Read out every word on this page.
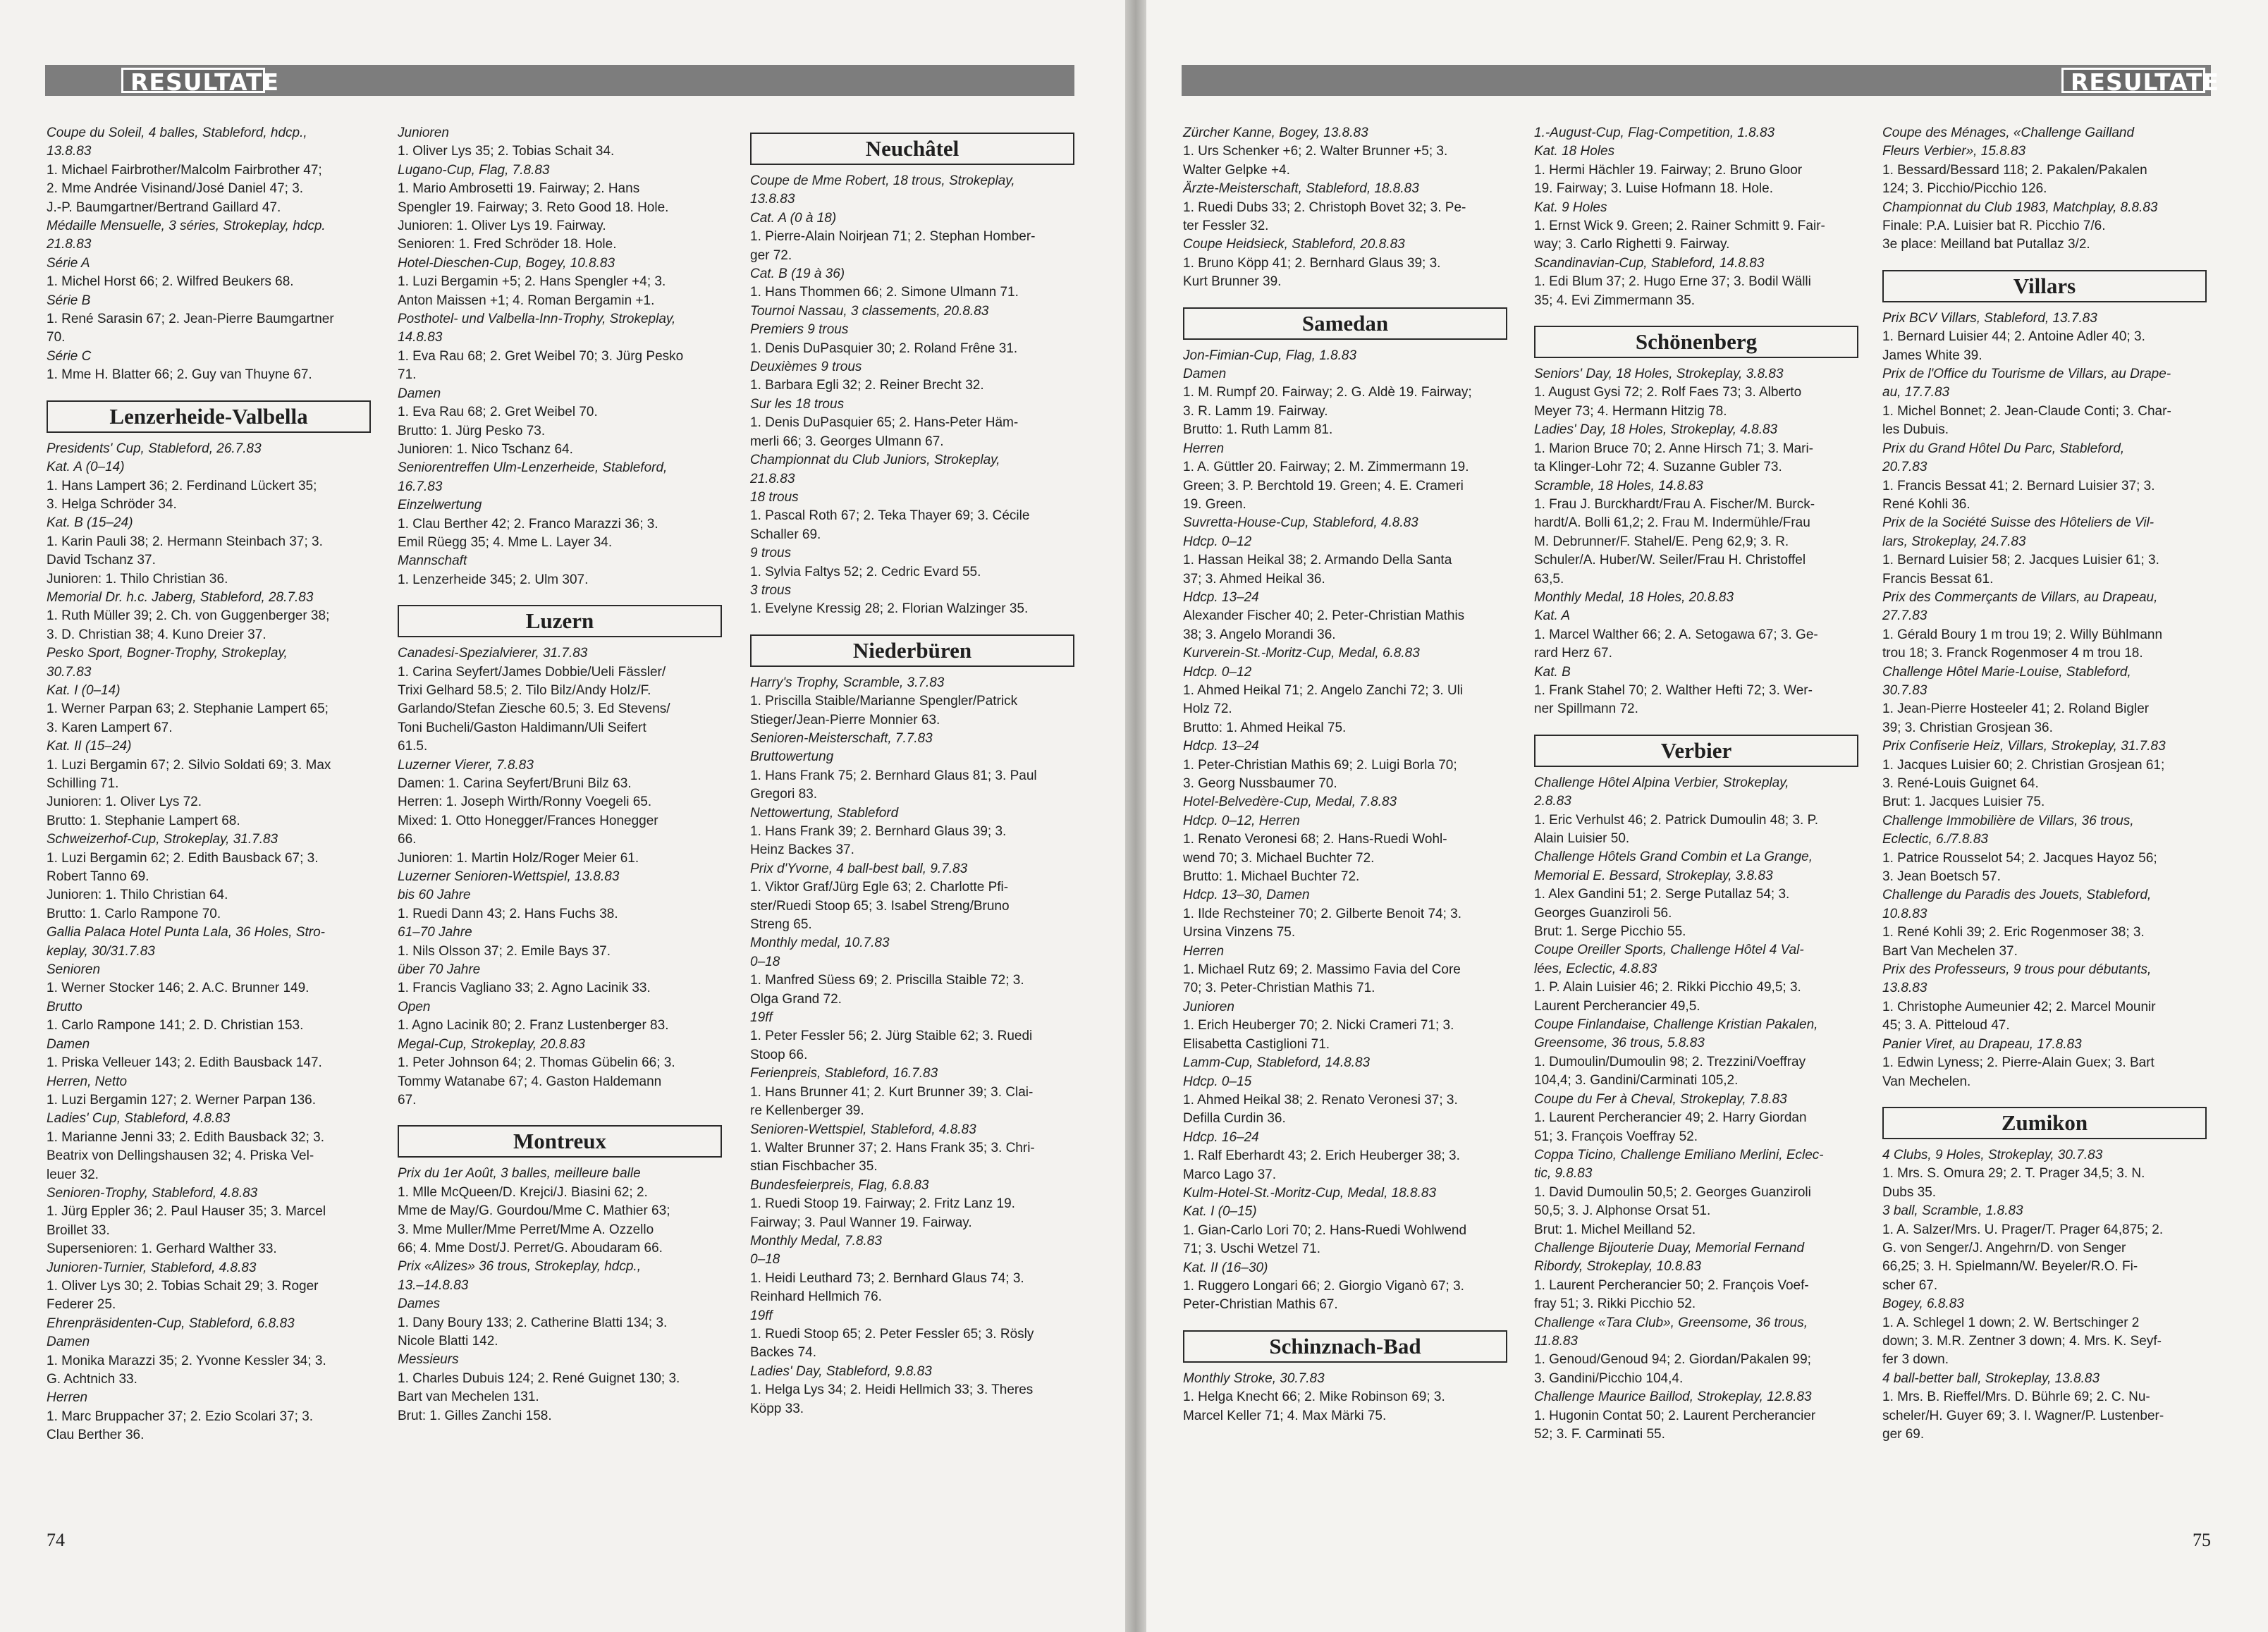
RESULTATE

Coupe du Soleil, 4 balles, Stableford, hdcp.,

13.8.83

1. Michael Fairbrother/Malcolm Fairbrother 47;

2. Mme Andrée Visinand/José Daniel 47; 3.

J.-P. Baumgartner/Bertrand Gaillard 47.

Médaille Mensuelle, 3 séries, Strokeplay, hdcp.

21.8.83

Série A

1. Michel Horst 66; 2. Wilfred Beukers 68.

Série B

1. René Sarasin 67; 2. Jean-Pierre Baumgartner

70.

Série C

1. Mme H. Blatter 66; 2. Guy van Thuyne 67.

Lenzerheide-Valbella

Presidents' Cup, Stableford, 26.7.83

Kat. A (0–14)

1. Hans Lampert 36; 2. Ferdinand Lückert 35;

3. Helga Schröder 34.

Kat. B (15–24)

1. Karin Pauli 38; 2. Hermann Steinbach 37; 3.

David Tschanz 37.

Junioren: 1. Thilo Christian 36.

Memorial Dr. h.c. Jaberg, Stableford, 28.7.83

1. Ruth Müller 39; 2. Ch. von Guggenberger 38;

3. D. Christian 38; 4. Kuno Dreier 37.

Pesko Sport, Bogner-Trophy, Strokeplay,

30.7.83

Kat. I (0–14)

1. Werner Parpan 63; 2. Stephanie Lampert 65;

3. Karen Lampert 67.

Kat. II (15–24)

1. Luzi Bergamin 67; 2. Silvio Soldati 69; 3. Max

Schilling 71.

Junioren: 1. Oliver Lys 72.

Brutto: 1. Stephanie Lampert 68.

Schweizerhof-Cup, Strokeplay, 31.7.83

1. Luzi Bergamin 62; 2. Edith Bausback 67; 3.

Robert Tanno 69.

Junioren: 1. Thilo Christian 64.

Brutto: 1. Carlo Rampone 70.

Gallia Palaca Hotel Punta Lala, 36 Holes, Stro-

keplay, 30/31.7.83

Senioren

1. Werner Stocker 146; 2. A.C. Brunner 149.

Brutto

1. Carlo Rampone 141; 2. D. Christian 153.

Damen

1. Priska Velleuer 143; 2. Edith Bausback 147.

Herren, Netto

1. Luzi Bergamin 127; 2. Werner Parpan 136.

Ladies' Cup, Stableford, 4.8.83

1. Marianne Jenni 33; 2. Edith Bausback 32; 3.

Beatrix von Dellingshausen 32; 4. Priska Vel-

leuer 32.

Senioren-Trophy, Stableford, 4.8.83

1. Jürg Eppler 36; 2. Paul Hauser 35; 3. Marcel

Broillet 33.

Supersenioren: 1. Gerhard Walther 33.

Junioren-Turnier, Stableford, 4.8.83

1. Oliver Lys 30; 2. Tobias Schait 29; 3. Roger

Federer 25.

Ehrenpräsidenten-Cup, Stableford, 6.8.83

Damen

1. Monika Marazzi 35; 2. Yvonne Kessler 34; 3.

G. Achtnich 33.

Herren

1. Marc Bruppacher 37; 2. Ezio Scolari 37; 3.

Clau Berther 36.

Junioren

1. Oliver Lys 35; 2. Tobias Schait 34.

Lugano-Cup, Flag, 7.8.83

1. Mario Ambrosetti 19. Fairway; 2. Hans

Spengler 19. Fairway; 3. Reto Good 18. Hole.

Junioren: 1. Oliver Lys 19. Fairway.

Senioren: 1. Fred Schröder 18. Hole.

Hotel-Dieschen-Cup, Bogey, 10.8.83

1. Luzi Bergamin +5; 2. Hans Spengler +4; 3.

Anton Maissen +1; 4. Roman Bergamin +1.

Posthotel- und Valbella-Inn-Trophy, Strokeplay,

14.8.83

1. Eva Rau 68; 2. Gret Weibel 70; 3. Jürg Pesko

71.

Damen

1. Eva Rau 68; 2. Gret Weibel 70.

Brutto: 1. Jürg Pesko 73.

Junioren: 1. Nico Tschanz 64.

Seniorentreffen Ulm-Lenzerheide, Stableford,

16.7.83

Einzelwertung

1. Clau Berther 42; 2. Franco Marazzi 36; 3.

Emil Rüegg 35; 4. Mme L. Layer 34.

Mannschaft

1. Lenzerheide 345; 2. Ulm 307.

Luzern

Canadesi-Spezialvierer, 31.7.83

1. Carina Seyfert/James Dobbie/Ueli Fässler/

Trixi Gelhard 58.5; 2. Tilo Bilz/Andy Holz/F.

Garlando/Stefan Ziesche 60.5; 3. Ed Stevens/

Toni Bucheli/Gaston Haldimann/Uli Seifert

61.5.

Luzerner Vierer, 7.8.83

Damen: 1. Carina Seyfert/Bruni Bilz 63.

Herren: 1. Joseph Wirth/Ronny Voegeli 65.

Mixed: 1. Otto Honegger/Frances Honegger

66.

Junioren: 1. Martin Holz/Roger Meier 61.

Luzerner Senioren-Wettspiel, 13.8.83

bis 60 Jahre

1. Ruedi Dann 43; 2. Hans Fuchs 38.

61–70 Jahre

1. Nils Olsson 37; 2. Emile Bays 37.

über 70 Jahre

1. Francis Vagliano 33; 2. Agno Lacinik 33.

Open

1. Agno Lacinik 80; 2. Franz Lustenberger 83.

Megal-Cup, Strokeplay, 20.8.83

1. Peter Johnson 64; 2. Thomas Gübelin 66; 3.

Tommy Watanabe 67; 4. Gaston Haldemann

67.

Montreux

Prix du 1er Août, 3 balles, meilleure balle

1. Mlle McQueen/D. Krejci/J. Biasini 62; 2.

Mme de May/G. Gourdou/Mme C. Mathier 63;

3. Mme Muller/Mme Perret/Mme A. Ozzello

66; 4. Mme Dost/J. Perret/G. Aboudaram 66.

Prix «Alizes» 36 trous, Strokeplay, hdcp.,

13.–14.8.83

Dames

1. Dany Boury 133; 2. Catherine Blatti 134; 3.

Nicole Blatti 142.

Messieurs

1. Charles Dubuis 124; 2. René Guignet 130; 3.

Bart van Mechelen 131.

Brut: 1. Gilles Zanchi 158.

Neuchâtel

Coupe de Mme Robert, 18 trous, Strokeplay,

13.8.83

Cat. A (0 à 18)

1. Pierre-Alain Noirjean 71; 2. Stephan Homber-

ger 72.

Cat. B (19 à 36)

1. Hans Thommen 66; 2. Simone Ulmann 71.

Tournoi Nassau, 3 classements, 20.8.83

Premiers 9 trous

1. Denis DuPasquier 30; 2. Roland Frêne 31.

Deuxièmes 9 trous

1. Barbara Egli 32; 2. Reiner Brecht 32.

Sur les 18 trous

1. Denis DuPasquier 65; 2. Hans-Peter Häm-

merli 66; 3. Georges Ulmann 67.

Championnat du Club Juniors, Strokeplay,

21.8.83

18 trous

1. Pascal Roth 67; 2. Teka Thayer 69; 3. Cécile

Schaller 69.

9 trous

1. Sylvia Faltys 52; 2. Cedric Evard 55.

3 trous

1. Evelyne Kressig 28; 2. Florian Walzinger 35.

Niederbüren

Harry's Trophy, Scramble, 3.7.83

1. Priscilla Staible/Marianne Spengler/Patrick

Stieger/Jean-Pierre Monnier 63.

Senioren-Meisterschaft, 7.7.83

Bruttowertung

1. Hans Frank 75; 2. Bernhard Glaus 81; 3. Paul

Gregori 83.

Nettowertung, Stableford

1. Hans Frank 39; 2. Bernhard Glaus 39; 3.

Heinz Backes 37.

Prix d'Yvorne, 4 ball-best ball, 9.7.83

1. Viktor Graf/Jürg Egle 63; 2. Charlotte Pfi-

ster/Ruedi Stoop 65; 3. Isabel Streng/Bruno

Streng 65.

Monthly medal, 10.7.83

0–18

1. Manfred Süess 69; 2. Priscilla Staible 72; 3.

Olga Grand 72.

19ff

1. Peter Fessler 56; 2. Jürg Staible 62; 3. Ruedi

Stoop 66.

Ferienpreis, Stableford, 16.7.83

1. Hans Brunner 41; 2. Kurt Brunner 39; 3. Clai-

re Kellenberger 39.

Senioren-Wettspiel, Stableford, 4.8.83

1. Walter Brunner 37; 2. Hans Frank 35; 3. Chri-

stian Fischbacher 35.

Bundesfeierpreis, Flag, 6.8.83

1. Ruedi Stoop 19. Fairway; 2. Fritz Lanz 19.

Fairway; 3. Paul Wanner 19. Fairway.

Monthly Medal, 7.8.83

0–18

1. Heidi Leuthard 73; 2. Bernhard Glaus 74; 3.

Reinhard Hellmich 76.

19ff

1. Ruedi Stoop 65; 2. Peter Fessler 65; 3. Rösly

Backes 74.

Ladies' Day, Stableford, 9.8.83

1. Helga Lys 34; 2. Heidi Hellmich 33; 3. Theres

Köpp 33.

74
RESULTATE

Zürcher Kanne, Bogey, 13.8.83

1. Urs Schenker +6; 2. Walter Brunner +5; 3.

Walter Gelpke +4.

Ärzte-Meisterschaft, Stableford, 18.8.83

1. Ruedi Dubs 33; 2. Christoph Bovet 32; 3. Pe-

ter Fessler 32.

Coupe Heidsieck, Stableford, 20.8.83

1. Bruno Köpp 41; 2. Bernhard Glaus 39; 3.

Kurt Brunner 39.

Samedan

Jon-Fimian-Cup, Flag, 1.8.83

Damen

1. M. Rumpf 20. Fairway; 2. G. Aldè 19. Fairway;

3. R. Lamm 19. Fairway.

Brutto: 1. Ruth Lamm 81.

Herren

1. A. Güttler 20. Fairway; 2. M. Zimmermann 19.

Green; 3. P. Berchtold 19. Green; 4. E. Crameri

19. Green.

Suvretta-House-Cup, Stableford, 4.8.83

Hdcp. 0–12

1. Hassan Heikal 38; 2. Armando Della Santa

37; 3. Ahmed Heikal 36.

Hdcp. 13–24

Alexander Fischer 40; 2. Peter-Christian Mathis

38; 3. Angelo Morandi 36.

Kurverein-St.-Moritz-Cup, Medal, 6.8.83

Hdcp. 0–12

1. Ahmed Heikal 71; 2. Angelo Zanchi 72; 3. Uli

Holz 72.

Brutto: 1. Ahmed Heikal 75.

Hdcp. 13–24

1. Peter-Christian Mathis 69; 2. Luigi Borla 70;

3. Georg Nussbaumer 70.

Hotel-Belvedère-Cup, Medal, 7.8.83

Hdcp. 0–12, Herren

1. Renato Veronesi 68; 2. Hans-Ruedi Wohl-

wend 70; 3. Michael Buchter 72.

Brutto: 1. Michael Buchter 72.

Hdcp. 13–30, Damen

1. Ilde Rechsteiner 70; 2. Gilberte Benoit 74; 3.

Ursina Vinzens 75.

Herren

1. Michael Rutz 69; 2. Massimo Favia del Core

70; 3. Peter-Christian Mathis 71.

Junioren

1. Erich Heuberger 70; 2. Nicki Crameri 71; 3.

Elisabetta Castiglioni 71.

Lamm-Cup, Stableford, 14.8.83

Hdcp. 0–15

1. Ahmed Heikal 38; 2. Renato Veronesi 37; 3.

Defilla Curdin 36.

Hdcp. 16–24

1. Ralf Eberhardt 43; 2. Erich Heuberger 38; 3.

Marco Lago 37.

Kulm-Hotel-St.-Moritz-Cup, Medal, 18.8.83

Kat. I (0–15)

1. Gian-Carlo Lori 70; 2. Hans-Ruedi Wohlwend

71; 3. Uschi Wetzel 71.

Kat. II (16–30)

1. Ruggero Longari 66; 2. Giorgio Viganò 67; 3.

Peter-Christian Mathis 67.

Schinznach-Bad

Monthly Stroke, 30.7.83

1. Helga Knecht 66; 2. Mike Robinson 69; 3.

Marcel Keller 71; 4. Max Märki 75.

1.-August-Cup, Flag-Competition, 1.8.83

Kat. 18 Holes

1. Hermi Hächler 19. Fairway; 2. Bruno Gloor

19. Fairway; 3. Luise Hofmann 18. Hole.

Kat. 9 Holes

1. Ernst Wick 9. Green; 2. Rainer Schmitt 9. Fair-

way; 3. Carlo Righetti 9. Fairway.

Scandinavian-Cup, Stableford, 14.8.83

1. Edi Blum 37; 2. Hugo Erne 37; 3. Bodil Wälli

35; 4. Evi Zimmermann 35.

Schönenberg

Seniors' Day, 18 Holes, Strokeplay, 3.8.83

1. August Gysi 72; 2. Rolf Faes 73; 3. Alberto

Meyer 73; 4. Hermann Hitzig 78.

Ladies' Day, 18 Holes, Strokeplay, 4.8.83

1. Marion Bruce 70; 2. Anne Hirsch 71; 3. Mari-

ta Klinger-Lohr 72; 4. Suzanne Gubler 73.

Scramble, 18 Holes, 14.8.83

1. Frau J. Burckhardt/Frau A. Fischer/M. Burck-

hardt/A. Bolli 61,2; 2. Frau M. Indermühle/Frau

M. Debrunner/F. Stahel/E. Peng 62,9; 3. R.

Schuler/A. Huber/W. Seiler/Frau H. Christoffel

63,5.

Monthly Medal, 18 Holes, 20.8.83

Kat. A

1. Marcel Walther 66; 2. A. Setogawa 67; 3. Ge-

rard Herz 67.

Kat. B

1. Frank Stahel 70; 2. Walther Hefti 72; 3. Wer-

ner Spillmann 72.

Verbier

Challenge Hôtel Alpina Verbier, Strokeplay,

2.8.83

1. Eric Verhulst 46; 2. Patrick Dumoulin 48; 3. P.

Alain Luisier 50.

Challenge Hôtels Grand Combin et La Grange,

Memorial E. Bessard, Strokeplay, 3.8.83

1. Alex Gandini 51; 2. Serge Putallaz 54; 3.

Georges Guanziroli 56.

Brut: 1. Serge Picchio 55.

Coupe Oreiller Sports, Challenge Hôtel 4 Val-

lées, Eclectic, 4.8.83

1. P. Alain Luisier 46; 2. Rikki Picchio 49,5; 3.

Laurent Percherancier 49,5.

Coupe Finlandaise, Challenge Kristian Pakalen,

Greensome, 36 trous, 5.8.83

1. Dumoulin/Dumoulin 98; 2. Trezzini/Voeffray

104,4; 3. Gandini/Carminati 105,2.

Coupe du Fer à Cheval, Strokeplay, 7.8.83

1. Laurent Percherancier 49; 2. Harry Giordan

51; 3. François Voeffray 52.

Coppa Ticino, Challenge Emiliano Merlini, Eclec-

tic, 9.8.83

1. David Dumoulin 50,5; 2. Georges Guanziroli

50,5; 3. J. Alphonse Orsat 51.

Brut: 1. Michel Meilland 52.

Challenge Bijouterie Duay, Memorial Fernand

Ribordy, Strokeplay, 10.8.83

1. Laurent Percherancier 50; 2. François Voef-

fray 51; 3. Rikki Picchio 52.

Challenge «Tara Club», Greensome, 36 trous,

11.8.83

1. Genoud/Genoud 94; 2. Giordan/Pakalen 99;

3. Gandini/Picchio 104,4.

Challenge Maurice Baillod, Strokeplay, 12.8.83

1. Hugonin Contat 50; 2. Laurent Percherancier

52; 3. F. Carminati 55.

Coupe des Ménages, «Challenge Gailland

Fleurs Verbier», 15.8.83

1. Bessard/Bessard 118; 2. Pakalen/Pakalen

124; 3. Picchio/Picchio 126.

Championnat du Club 1983, Matchplay, 8.8.83

Finale: P.A. Luisier bat R. Picchio 7/6.

3e place: Meilland bat Putallaz 3/2.

Villars

Prix BCV Villars, Stableford, 13.7.83

1. Bernard Luisier 44; 2. Antoine Adler 40; 3.

James White 39.

Prix de l'Office du Tourisme de Villars, au Drape-

au, 17.7.83

1. Michel Bonnet; 2. Jean-Claude Conti; 3. Char-

les Dubuis.

Prix du Grand Hôtel Du Parc, Stableford,

20.7.83

1. Francis Bessat 41; 2. Bernard Luisier 37; 3.

René Kohli 36.

Prix de la Société Suisse des Hôteliers de Vil-

lars, Strokeplay, 24.7.83

1. Bernard Luisier 58; 2. Jacques Luisier 61; 3.

Francis Bessat 61.

Prix des Commerçants de Villars, au Drapeau,

27.7.83

1. Gérald Boury 1 m trou 19; 2. Willy Bühlmann

trou 18; 3. Franck Rogenmoser 4 m trou 18.

Challenge Hôtel Marie-Louise, Stableford,

30.7.83

1. Jean-Pierre Hosteeler 41; 2. Roland Bigler

39; 3. Christian Grosjean 36.

Prix Confiserie Heiz, Villars, Strokeplay, 31.7.83

1. Jacques Luisier 60; 2. Christian Grosjean 61;

3. René-Louis Guignet 64.

Brut: 1. Jacques Luisier 75.

Challenge Immobilière de Villars, 36 trous,

Eclectic, 6./7.8.83

1. Patrice Rousselot 54; 2. Jacques Hayoz 56;

3. Jean Boetsch 57.

Challenge du Paradis des Jouets, Stableford,

10.8.83

1. René Kohli 39; 2. Eric Rogenmoser 38; 3.

Bart Van Mechelen 37.

Prix des Professeurs, 9 trous pour débutants,

13.8.83

1. Christophe Aumeunier 42; 2. Marcel Mounir

45; 3. A. Pitteloud 47.

Panier Viret, au Drapeau, 17.8.83

1. Edwin Lyness; 2. Pierre-Alain Guex; 3. Bart

Van Mechelen.

Zumikon

4 Clubs, 9 Holes, Strokeplay, 30.7.83

1. Mrs. S. Omura 29; 2. T. Prager 34,5; 3. N.

Dubs 35.

3 ball, Scramble, 1.8.83

1. A. Salzer/Mrs. U. Prager/T. Prager 64,875; 2.

G. von Senger/J. Angehrn/D. von Senger

66,25; 3. H. Spielmann/W. Beyeler/R.O. Fi-

scher 67.

Bogey, 6.8.83

1. A. Schlegel 1 down; 2. W. Bertschinger 2

down; 3. M.R. Zentner 3 down; 4. Mrs. K. Seyf-

fer 3 down.

4 ball-better ball, Strokeplay, 13.8.83

1. Mrs. B. Rieffel/Mrs. D. Bührle 69; 2. C. Nu-

scheler/H. Guyer 69; 3. I. Wagner/P. Lustenber-

ger 69.

75
